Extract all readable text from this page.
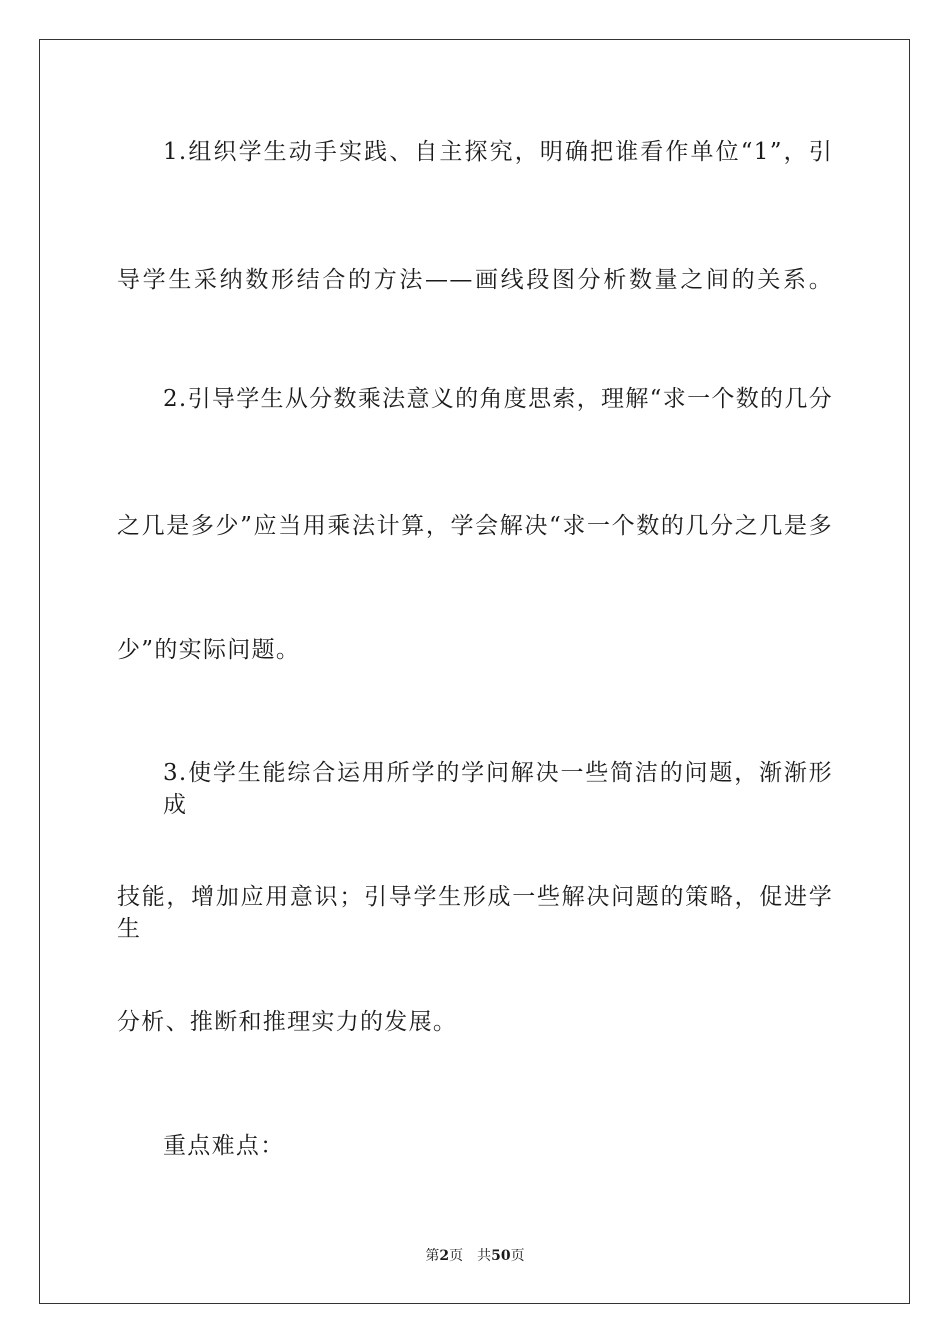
1.组织学生动手实践、自主探究，明确把谁看作单位“1”，引
导学生采纳数形结合的方法——画线段图分析数量之间的关系。
2.引导学生从分数乘法意义的角度思索，理解“求一个数的几分
之几是多少”应当用乘法计算，学会解决“求一个数的几分之几是多
少”的实际问题。
3.使学生能综合运用所学的学问解决一些简洁的问题，渐渐形成
技能，增加应用意识；引导学生形成一些解决问题的策略，促进学生
分析、推断和推理实力的发展。
重点难点：
第2页 共50页
